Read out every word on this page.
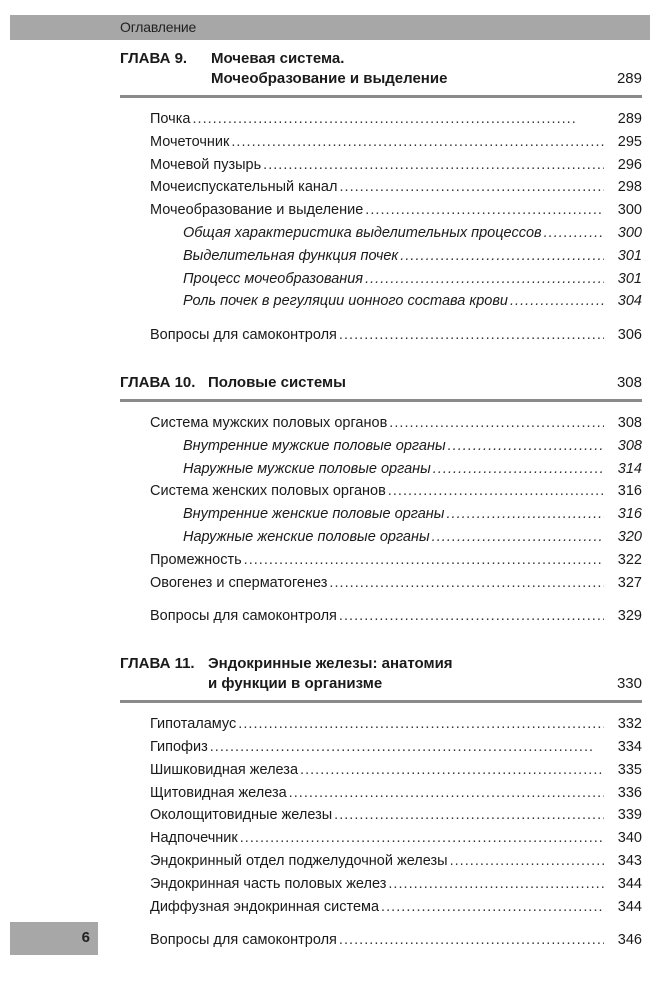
Оглавление
ГЛАВА 9. Мочевая система.
Мочеобразование и выделение	289
Почка . . .	289
Мочеточник . . .	295
Мочевой пузырь . . .	296
Мочеиспускательный канал . . .	298
Мочеобразование и выделение . . .	300
Общая характеристика выделительных процессов . . .	300
Выделительная функция почек . . .	301
Процесс мочеобразования . . .	301
Роль почек в регуляции ионного состава крови . . .	304
Вопросы для самоконтроля . . .	306
ГЛАВА 10. Половые системы	308
Система мужских половых органов . . .	308
Внутренние мужские половые органы . . .	308
Наружные мужские половые органы . . .	314
Система женских половых органов . . .	316
Внутренние женские половые органы . . .	316
Наружные женские половые органы . . .	320
Промежность . . .	322
Овогенез и сперматогенез . . .	327
Вопросы для самоконтроля . . .	329
ГЛАВА 11. Эндокринные железы: анатомия
и функции в организме	330
Гипоталамус . . .	332
Гипофиз . . .	334
Шишковидная железа . . .	335
Щитовидная железа . . .	336
Околощитовидные железы . . .	339
Надпочечник . . .	340
Эндокринный отдел поджелудочной железы . . .	343
Эндокринная часть половых желез . . .	344
Диффузная эндокринная система . . .	344
Вопросы для самоконтроля . . .	346
6
